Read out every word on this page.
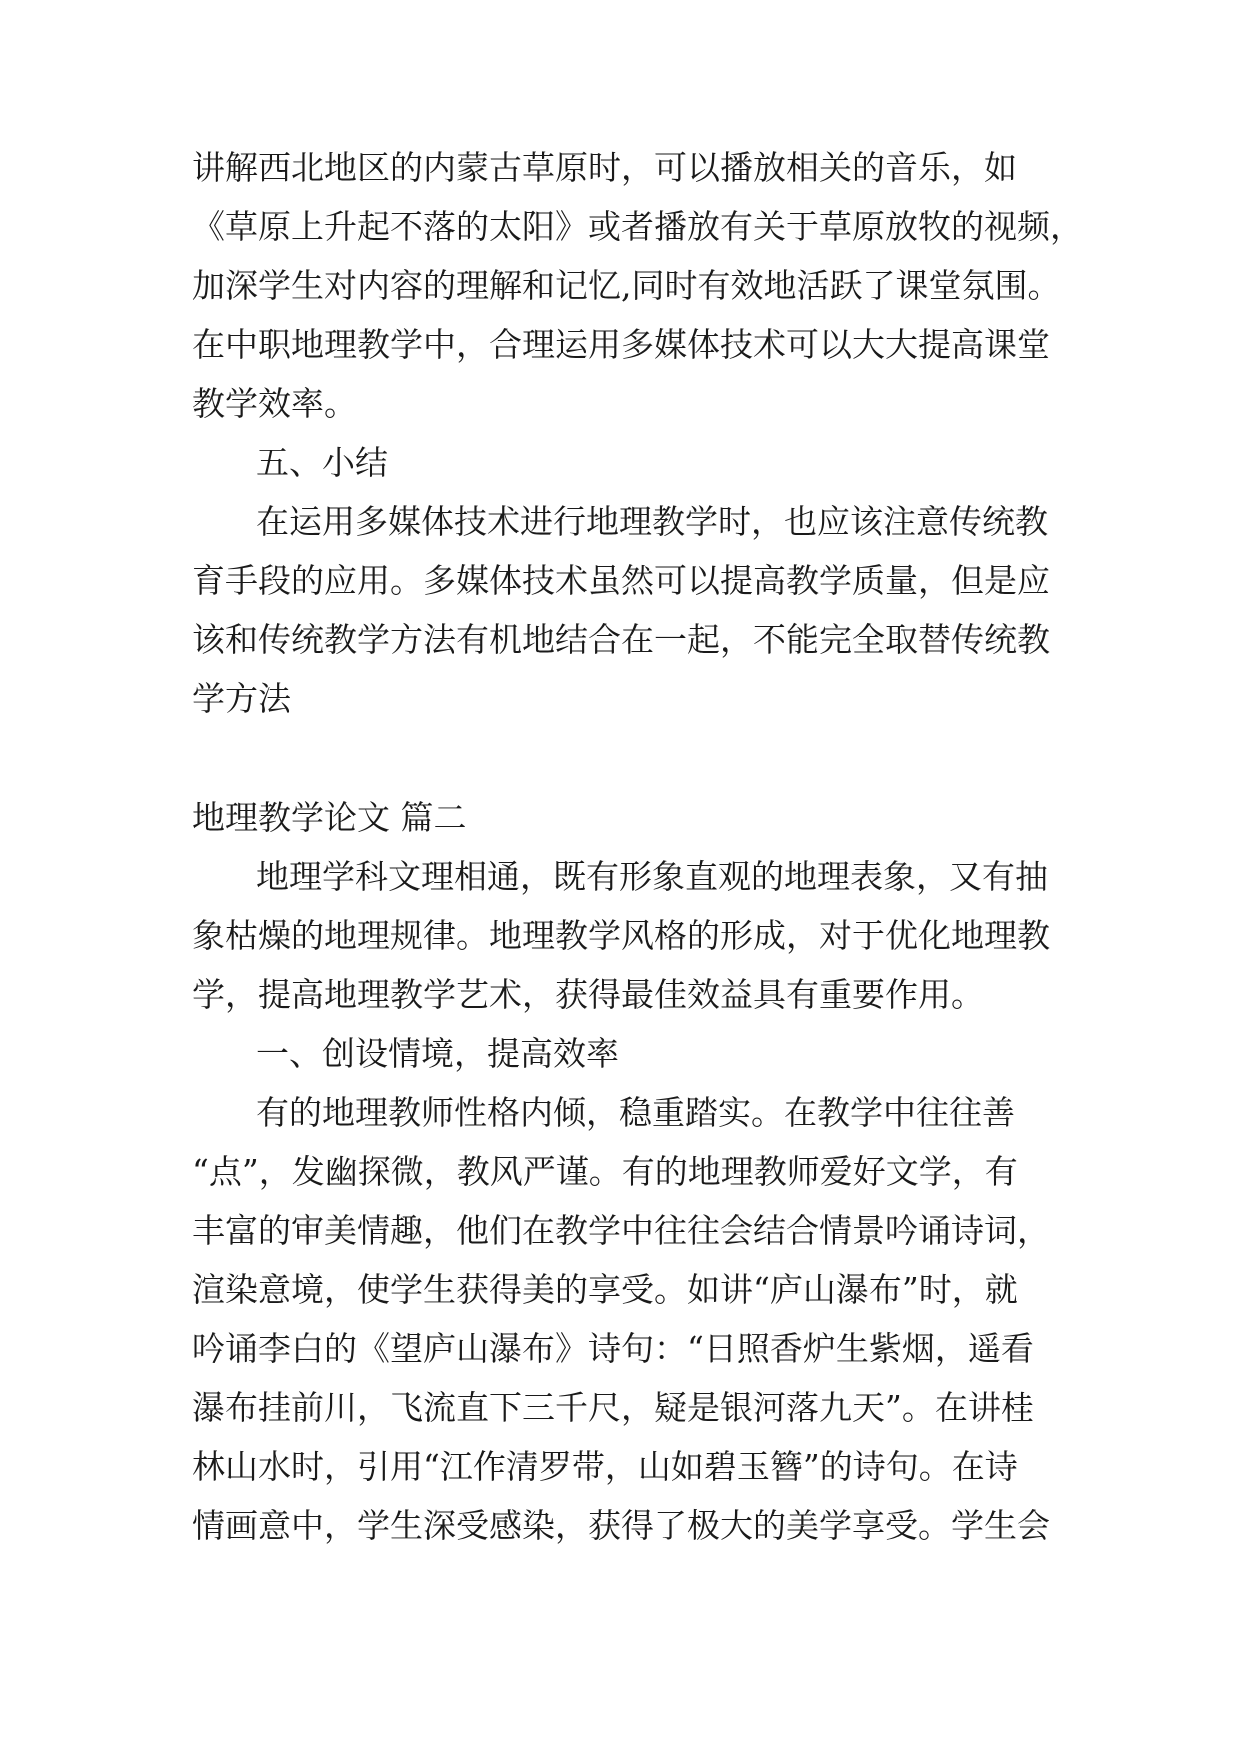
讲解西北地区的内蒙古草原时，可以播放相关的音乐，如

《草原上升起不落的太阳》或者播放有关于草原放牧的视频，

加深学生对内容的理解和记忆,同时有效地活跃了课堂氛围。

在中职地理教学中，合理运用多媒体技术可以大大提高课堂

教学效率。

五、小结

在运用多媒体技术进行地理教学时，也应该注意传统教

育手段的应用。多媒体技术虽然可以提高教学质量，但是应

该和传统教学方法有机地结合在一起，不能完全取替传统教

学方法

地理教学论文 篇二

地理学科文理相通，既有形象直观的地理表象，又有抽

象枯燥的地理规律。地理教学风格的形成，对于优化地理教

学，提高地理教学艺术，获得最佳效益具有重要作用。

一、创设情境，提高效率

有的地理教师性格内倾，稳重踏实。在教学中往往善

“点”，发幽探微，教风严谨。有的地理教师爱好文学，有

丰富的审美情趣，他们在教学中往往会结合情景吟诵诗词，

渲染意境，使学生获得美的享受。如讲“庐山瀑布”时，就

吟诵李白的《望庐山瀑布》诗句：“日照香炉生紫烟，遥看

瀑布挂前川，飞流直下三千尺，疑是银河落九天”。在讲桂

林山水时，引用“江作清罗带，山如碧玉簪”的诗句。在诗

情画意中，学生深受感染，获得了极大的美学享受。学生会
